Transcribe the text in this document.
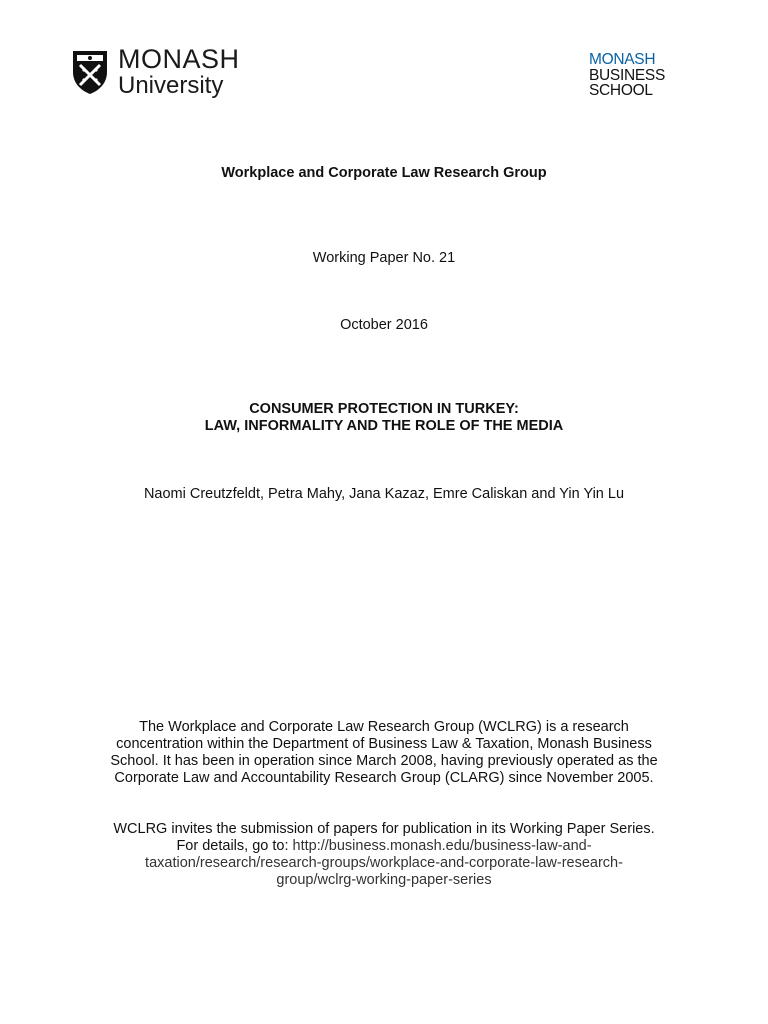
MONASH
University
MONASH
BUSINESS
SCHOOL
Workplace and Corporate Law Research Group
Working Paper No. 21
October 2016
CONSUMER PROTECTION IN TURKEY:
LAW, INFORMALITY AND THE ROLE OF THE MEDIA
Naomi Creutzfeldt, Petra Mahy, Jana Kazaz, Emre Caliskan and Yin Yin Lu
The Workplace and Corporate Law Research Group (WCLRG) is a research concentration within the Department of Business Law & Taxation, Monash Business School. It has been in operation since March 2008, having previously operated as the Corporate Law and Accountability Research Group (CLARG) since November 2005.
WCLRG invites the submission of papers for publication in its Working Paper Series. For details, go to: http://business.monash.edu/business-law-and-taxation/research/research-groups/workplace-and-corporate-law-research-group/wclrg-working-paper-series
